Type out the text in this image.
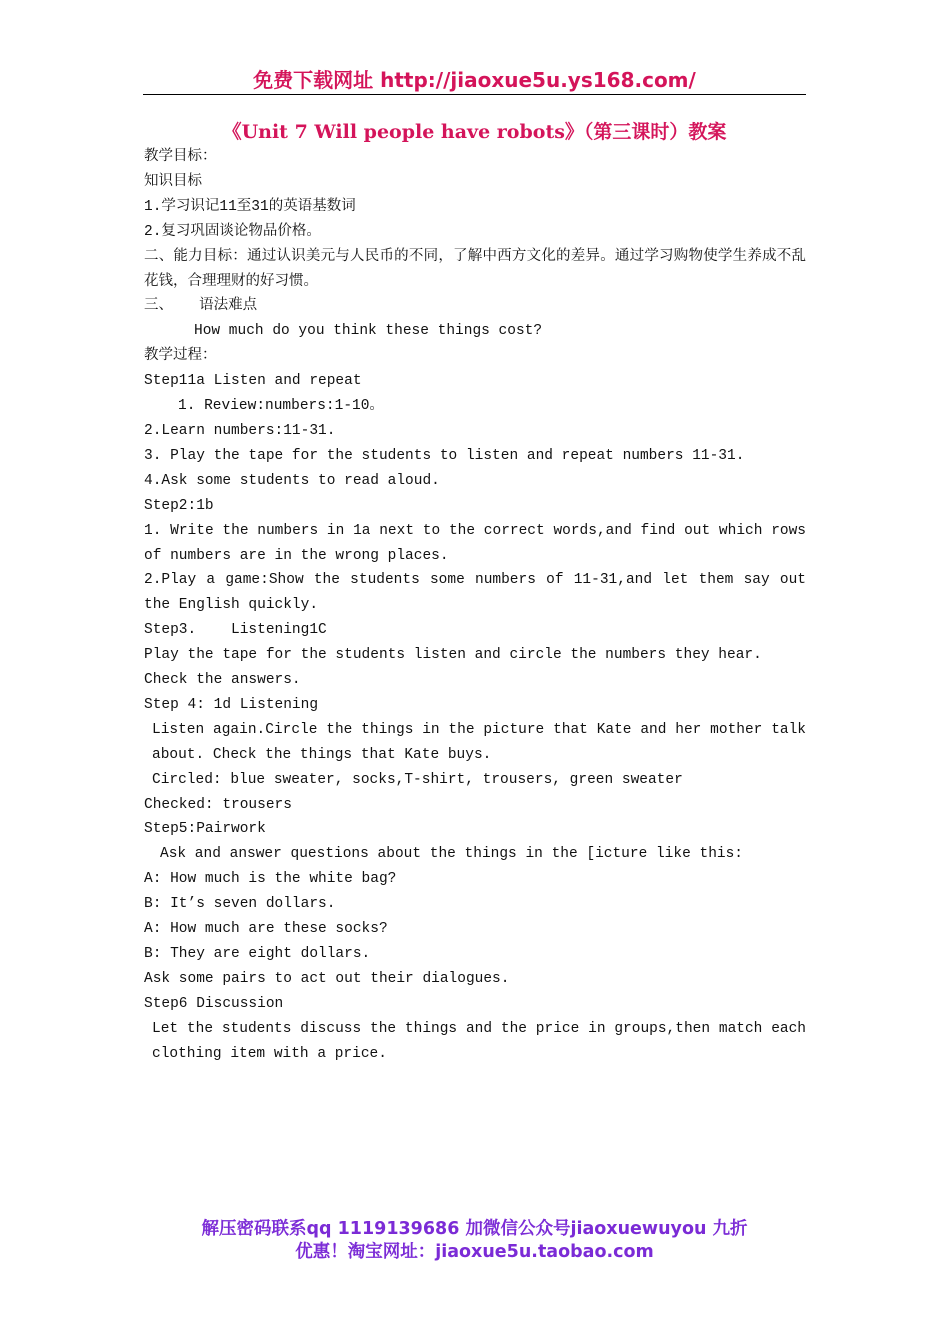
免费下载网址 http://jiaoxue5u.ys168.com/
《Unit 7 Will people have robots》（第三课时）教案

教学目标：

知识目标

1.学习识记11至31的英语基数词

2.复习巩固谈论物品价格。

二、能力目标：通过认识美元与人民币的不同，了解中西方文化的差异。通过学习购物使学生养成不乱花钱，合理理财的好习惯。

三、   语法难点

How much do you think these things cost?

教学过程：

Step11a Listen and repeat

1. Review:numbers:1-10。

2.Learn numbers:11-31.

3. Play the tape for the students to listen and repeat numbers 11-31.

4.Ask some students to read aloud.

Step2:1b

1. Write the numbers in 1a next to the correct words,and find out which rows of numbers are in the wrong places.

2.Play a game:Show the students some numbers of 11-31,and let them say out the English quickly.

Step3.    Listening1C

Play the tape for the students listen and circle the numbers they hear.

Check the answers.

Step 4: 1d Listening

Listen again.Circle the things in the picture that Kate and her mother talk about. Check the things that Kate buys.

Circled: blue sweater, socks,T-shirt, trousers, green sweater

Checked: trousers

Step5:Pairwork

Ask and answer questions about the things in the [icture like this:

A: How much is the white bag?

B: It’s seven dollars.

A: How much are these socks?

B: They are eight dollars.

Ask some pairs to act out their dialogues.

Step6 Discussion

Let the students discuss the things and the price in groups,then match each clothing item with a price.

解压密码联系qq 1119139686 加微信公众号jiaoxuewuyou 九折
优惠！淘宝网址：jiaoxue5u.taobao.com
